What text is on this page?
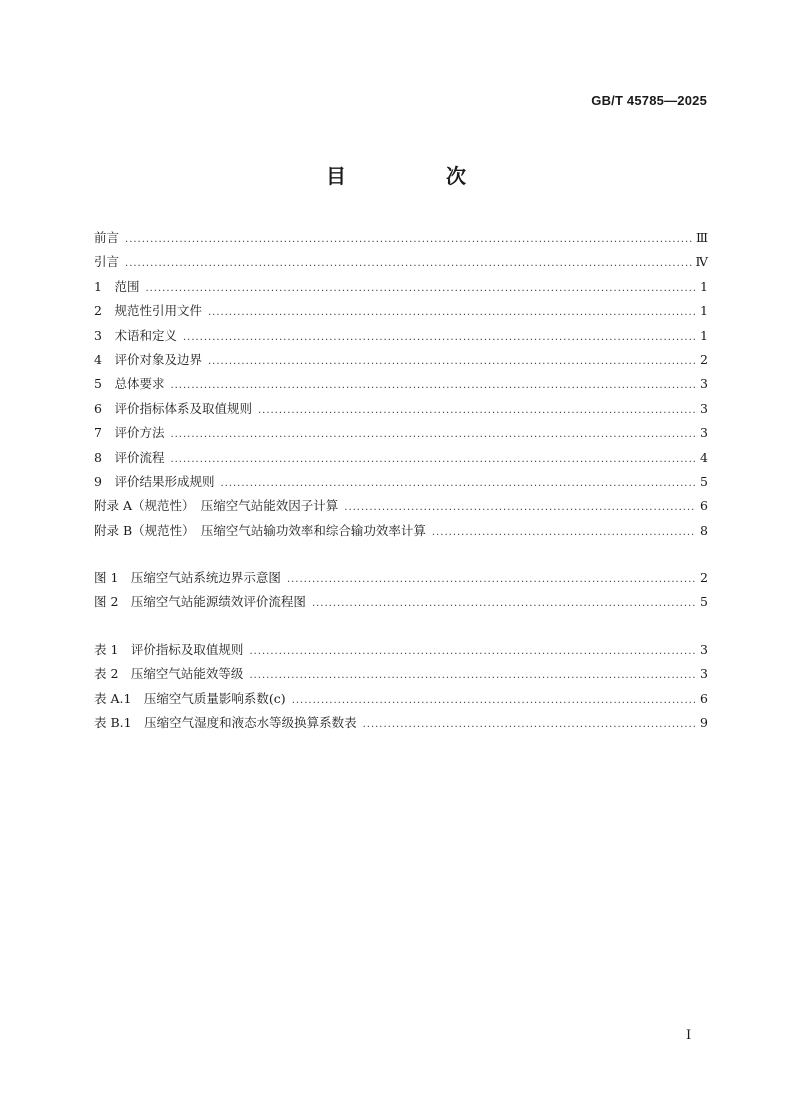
GB/T 45785—2025
目　次
前言 .....	Ⅲ
引言 .....	Ⅳ
1　范围 .....	1
2　规范性引用文件 .....	1
3　术语和定义 .....	1
4　评价对象及边界 .....	2
5　总体要求 .....	3
6　评价指标体系及取值规则 .....	3
7　评价方法 .....	3
8　评价流程 .....	4
9　评价结果形成规则 .....	5
附录 A（规范性）　压缩空气站能效因子计算 .....	6
附录 B（规范性）　压缩空气站输功效率和综合输功效率计算 .....	8
图 1　压缩空气站系统边界示意图 .....	2
图 2　压缩空气站能源绩效评价流程图 .....	5
表 1　评价指标及取值规则 .....	3
表 2　压缩空气站能效等级 .....	3
表 A.1　压缩空气质量影响系数(c) .....	6
表 B.1　压缩空气湿度和液态水等级换算系数表 .....	9
I
